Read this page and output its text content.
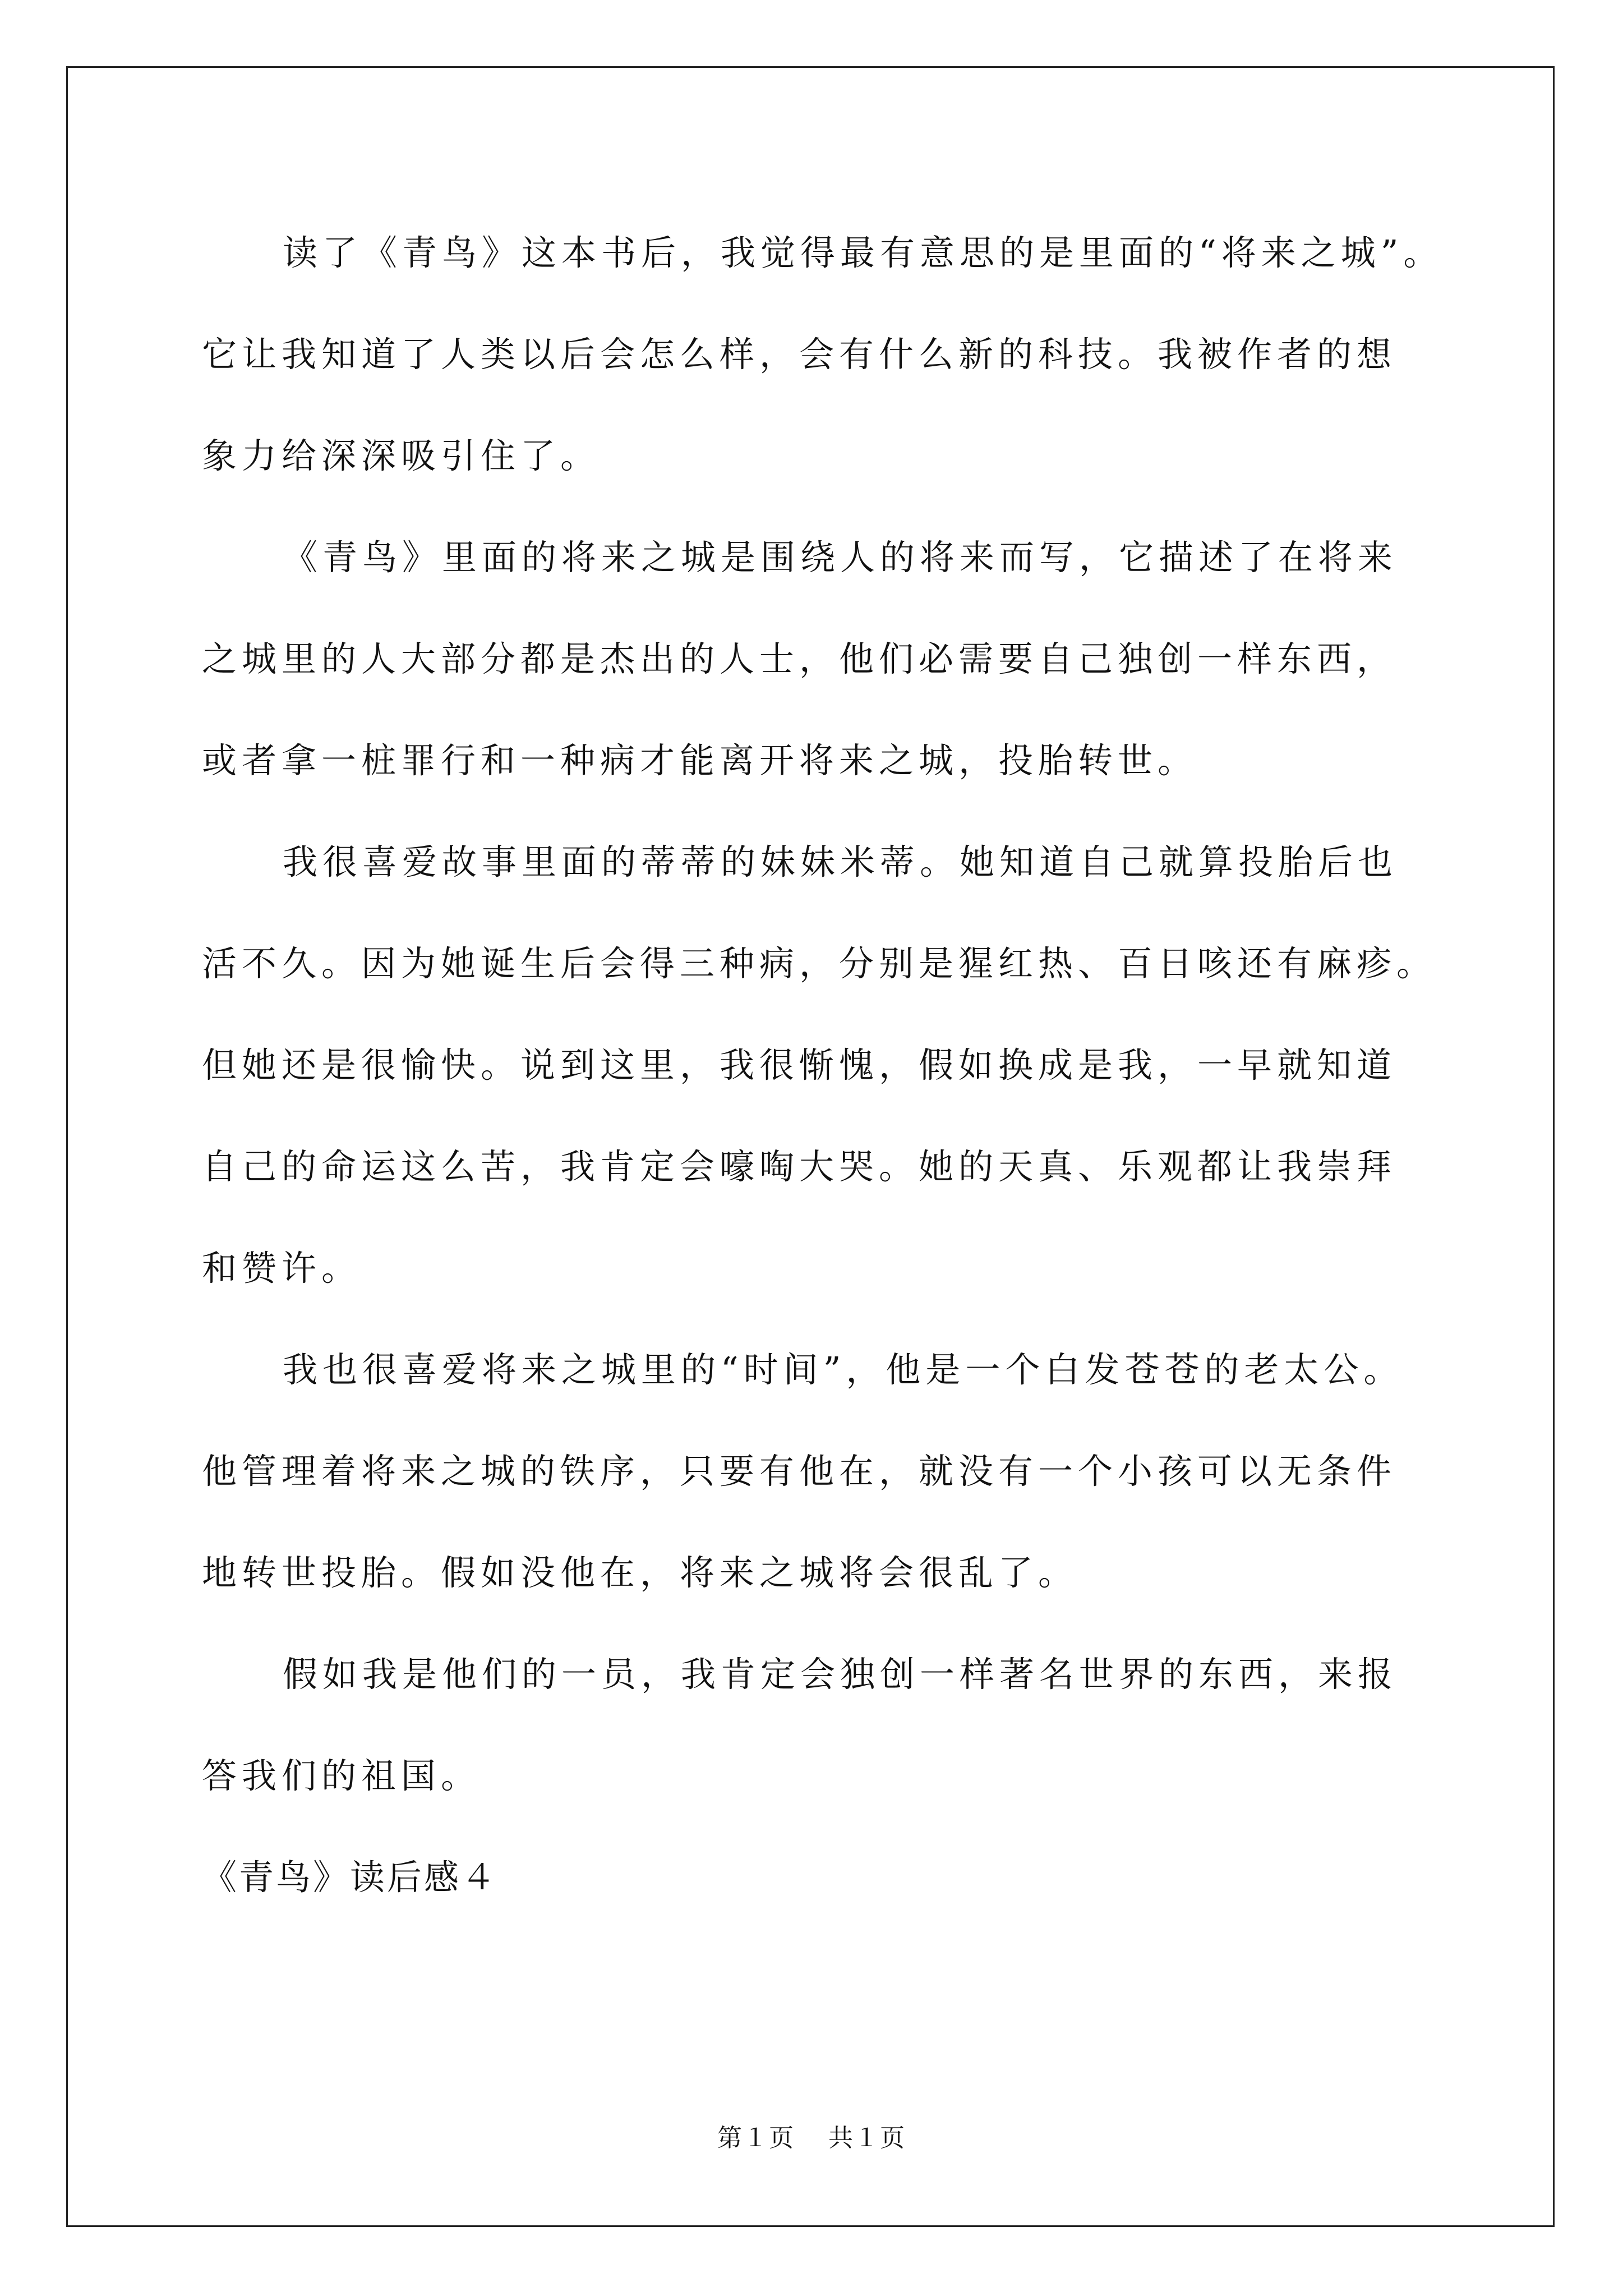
读了《青鸟》这本书后，我觉得最有意思的是里面的“将来之城”。
它让我知道了人类以后会怎么样，会有什么新的科技。我被作者的想
象力给深深吸引住了。
《青鸟》里面的将来之城是围绕人的将来而写，它描述了在将来
之城里的人大部分都是杰出的人士，他们必需要自己独创一样东西，
或者拿一桩罪行和一种病才能离开将来之城，投胎转世。
我很喜爱故事里面的蒂蒂的妹妹米蒂。她知道自己就算投胎后也
活不久。因为她诞生后会得三种病，分别是猩红热、百日咳还有麻疹。
但她还是很愉快。说到这里，我很惭愧，假如换成是我，一早就知道
自己的命运这么苦，我肯定会嚎啕大哭。她的天真、乐观都让我崇拜
和赞许。
我也很喜爱将来之城里的“时间”，他是一个白发苍苍的老太公。
他管理着将来之城的铁序，只要有他在，就没有一个小孩可以无条件
地转世投胎。假如没他在，将来之城将会很乱了。
假如我是他们的一员，我肯定会独创一样著名世界的东西，来报
答我们的祖国。
《青鸟》读后感４
第１页 共１页
